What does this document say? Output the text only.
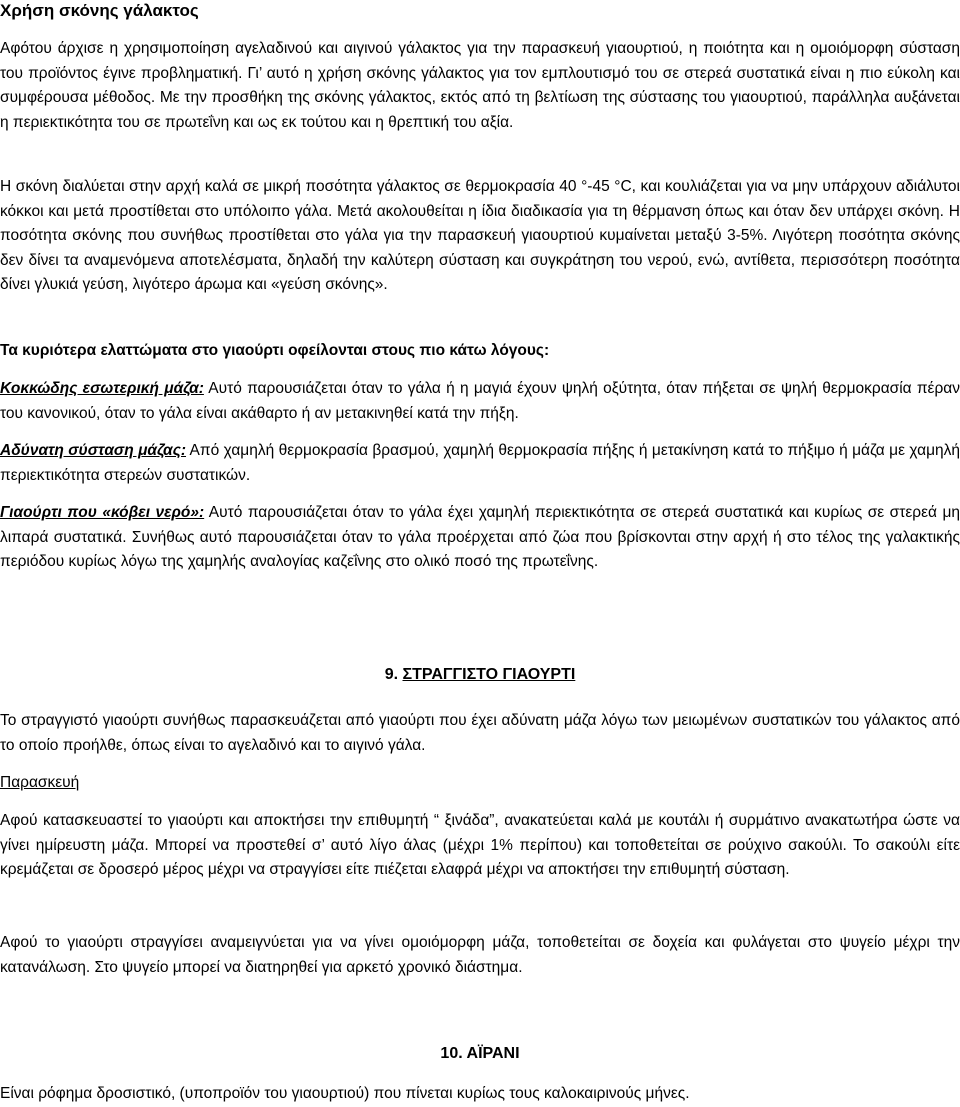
Χρήση σκόνης γάλακτος

Αφότου άρχισε η χρησιμοποίηση αγελαδινού και αιγινού γάλακτος για την παρασκευή γιαουρτιού, η ποιότητα και η ομοιόμορφη σύσταση του προϊόντος έγινε προβληματική. Γι’ αυτό η χρήση σκόνης γάλακτος για τον εμπλουτισμό του σε στερεά συστατικά είναι η πιο εύκολη και συμφέρουσα μέθοδος. Με την προσθήκη της σκόνης γάλακτος, εκτός από τη βελτίωση της σύστασης του γιαουρτιού, παράλληλα αυξάνεται η περιεκτικότητα του σε πρωτεΐνη και ως εκ τούτου και η θρεπτική του αξία.

Η σκόνη διαλύεται στην αρχή καλά σε μικρή ποσότητα γάλακτος σε θερμοκρασία 40 °-45 °C, και κουλιάζεται για να μην υπάρχουν αδιάλυτοι κόκκοι και μετά προστίθεται στο υπόλοιπο γάλα. Μετά ακολουθείται η ίδια διαδικασία για τη θέρμανση όπως και όταν δεν υπάρχει σκόνη. Η ποσότητα σκόνης που συνήθως προστίθεται στο γάλα για την παρασκευή γιαουρτιού κυμαίνεται μεταξύ 3-5%. Λιγότερη ποσότητα σκόνης δεν δίνει τα αναμενόμενα αποτελέσματα, δηλαδή την καλύτερη σύσταση και συγκράτηση του νερού, ενώ, αντίθετα, περισσότερη ποσότητα δίνει γλυκιά γεύση, λιγότερο άρωμα και «γεύση σκόνης».

Τα κυριότερα ελαττώματα στο γιαούρτι οφείλονται στους πιο κάτω λόγους:

Κοκκώδης εσωτερική μάζα: Αυτό παρουσιάζεται όταν το γάλα ή η μαγιά έχουν ψηλή οξύτητα, όταν πήξεται σε ψηλή θερμοκρασία πέραν του κανονικού, όταν το γάλα είναι ακάθαρτο ή αν μετακινηθεί κατά την πήξη.

Αδύνατη σύσταση μάζας: Από χαμηλή θερμοκρασία βρασμού, χαμηλή θερμοκρασία πήξης ή μετακίνηση κατά το πήξιμο ή μάζα με χαμηλή περιεκτικότητα στερεών συστατικών.

Γιαούρτι που «κόβει νερό»: Αυτό παρουσιάζεται όταν το γάλα έχει χαμηλή περιεκτικότητα σε στερεά συστατικά και κυρίως σε στερεά μη λιπαρά συστατικά. Συνήθως αυτό παρουσιάζεται όταν το γάλα προέρχεται από ζώα που βρίσκονται στην αρχή ή στο τέλος της γαλακτικής περιόδου κυρίως λόγω της χαμηλής αναλογίας καζεΐνης στο ολικό ποσό της πρωτεΐνης.

9. ΣΤΡΑΓΓΙΣΤΟ ΓΙΑΟΥΡΤΙ

Το στραγγιστό γιαούρτι συνήθως παρασκευάζεται από γιαούρτι που έχει αδύνατη μάζα λόγω των μειωμένων συστατικών του γάλακτος από το οποίο προήλθε, όπως είναι το αγελαδινό και το αιγινό γάλα.

Παρασκευή

Αφού κατασκευαστεί το γιαούρτι και αποκτήσει την επιθυμητή “ ξινάδα”, ανακατεύεται καλά με κουτάλι ή συρμάτινο ανακατωτήρα ώστε να γίνει ημίρευστη μάζα. Μπορεί να προστεθεί σ’ αυτό λίγο άλας (μέχρι 1% περίπου) και τοποθετείται σε ρούχινο σακούλι. Το σακούλι είτε κρεμάζεται σε δροσερό μέρος μέχρι να στραγγίσει είτε πιέζεται ελαφρά μέχρι να αποκτήσει την επιθυμητή σύσταση.

Αφού το γιαούρτι στραγγίσει αναμειγνύεται για να γίνει ομοιόμορφη μάζα, τοποθετείται σε δοχεία και φυλάγεται στο ψυγείο μέχρι την κατανάλωση. Στο ψυγείο μπορεί να διατηρηθεί για αρκετό χρονικό διάστημα.

10. ΑΪΡΑΝΙ

Είναι ρόφημα δροσιστικό, (υποπροϊόν του γιαουρτιού) που πίνεται κυρίως τους καλοκαιρινούς μήνες.
